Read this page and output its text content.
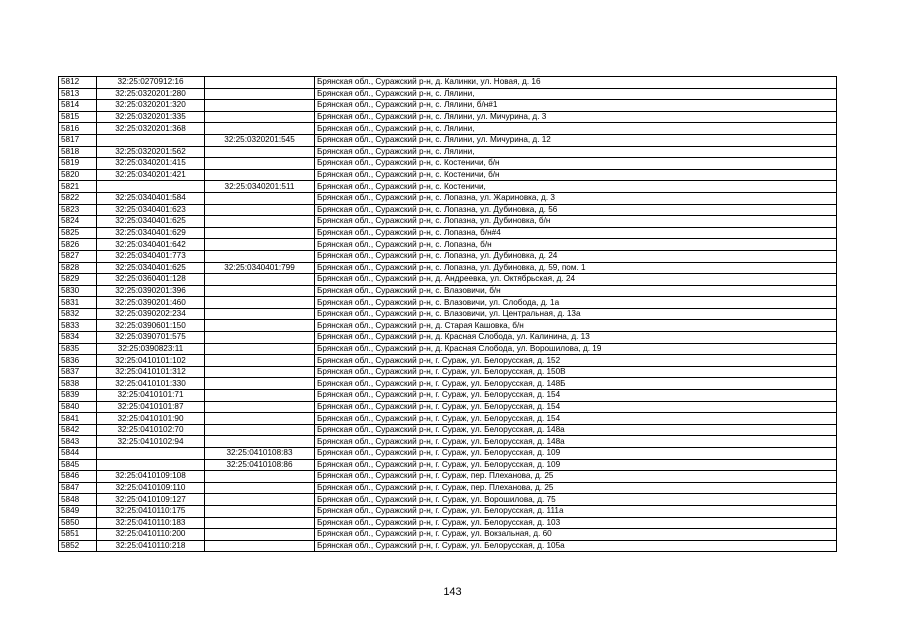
5812	32:25:0270912:16		Брянская обл., Суражский р-н, д. Калинки, ул. Новая, д. 16
5813	32:25:0320201:280		Брянская обл., Суражский р-н, с. Лялини,
5814	32:25:0320201:320		Брянская обл., Суражский р-н, с. Лялини, б/н#1
5815	32:25:0320201:335		Брянская обл., Суражский р-н, с. Лялини, ул. Мичурина, д. 3
5816	32:25:0320201:368		Брянская обл., Суражский р-н, с. Лялини,
5817		32:25:0320201:545	Брянская обл., Суражский р-н, с. Лялини, ул. Мичурина, д. 12
5818	32:25:0320201:562		Брянская обл., Суражский р-н, с. Лялини,
5819	32:25:0340201:415		Брянская обл., Суражский р-н, с. Костеничи, б/н
5820	32:25:0340201:421		Брянская обл., Суражский р-н, с. Костеничи, б/н
5821		32:25:0340201:511	Брянская обл., Суражский р-н, с. Костеничи,
5822	32:25:0340401:584		Брянская обл., Суражский р-н, с. Лопазна, ул. Жариновка, д. 3
5823	32:25:0340401:623		Брянская обл., Суражский р-н, с. Лопазна, ул. Дубиновка, д. 56
5824	32:25:0340401:625		Брянская обл., Суражский р-н, с. Лопазна, ул. Дубиновка, б/н
5825	32:25:0340401:629		Брянская обл., Суражский р-н, с. Лопазна, б/н#4
5826	32:25:0340401:642		Брянская обл., Суражский р-н, с. Лопазна, б/н
5827	32:25:0340401:773		Брянская обл., Суражский р-н, с. Лопазна, ул. Дубиновка, д. 24
5828	32:25:0340401:625	32:25:0340401:799	Брянская обл., Суражский р-н, с. Лопазна, ул. Дубиновка, д. 59, пом. 1
5829	32:25:0360401:128		Брянская обл., Суражский р-н, д. Андреевка, ул. Октябрьская, д. 24
5830	32:25:0390201:396		Брянская обл., Суражский р-н, с. Влазовичи, б/н
5831	32:25:0390201:460		Брянская обл., Суражский р-н, с. Влазовичи, ул. Слобода, д. 1а
5832	32:25:0390202:234		Брянская обл., Суражский р-н, с. Влазовичи, ул. Центральная, д. 13а
5833	32:25:0390601:150		Брянская обл., Суражский р-н, д. Старая Кашовка, б/н
5834	32:25:0390701:575		Брянская обл., Суражский р-н, д. Красная Слобода, ул. Калинина, д. 13
5835	32:25:0390823:11		Брянская обл., Суражский р-н, д. Красная Слобода, ул. Ворошилова, д. 19
5836	32:25:0410101:102		Брянская обл., Суражский р-н, г. Сураж, ул. Белорусская, д. 152
5837	32:25:0410101:312		Брянская обл., Суражский р-н, г. Сураж, ул. Белорусская, д. 150В
5838	32:25:0410101:330		Брянская обл., Суражский р-н, г. Сураж, ул. Белорусская, д. 148Б
5839	32:25:0410101:71		Брянская обл., Суражский р-н, г. Сураж, ул. Белорусская, д. 154
5840	32:25:0410101:87		Брянская обл., Суражский р-н, г. Сураж, ул. Белорусская, д. 154
5841	32:25:0410101:90		Брянская обл., Суражский р-н, г. Сураж, ул. Белорусская, д. 154
5842	32:25:0410102:70		Брянская обл., Суражский р-н, г. Сураж, ул. Белорусская, д. 148а
5843	32:25:0410102:94		Брянская обл., Суражский р-н, г. Сураж, ул. Белорусская, д. 148а
5844		32:25:0410108:83	Брянская обл., Суражский р-н, г. Сураж, ул. Белорусская, д. 109
5845		32:25:0410108:86	Брянская обл., Суражский р-н, г. Сураж, ул. Белорусская, д. 109
5846	32:25:0410109:108		Брянская обл., Суражский р-н, г. Сураж, пер. Плеханова, д. 25
5847	32:25:0410109:110		Брянская обл., Суражский р-н, г. Сураж, пер. Плеханова, д. 25
5848	32:25:0410109:127		Брянская обл., Суражский р-н, г. Сураж, ул. Ворошилова, д. 75
5849	32:25:0410110:175		Брянская обл., Суражский р-н, г. Сураж, ул. Белорусская, д. 111а
5850	32:25:0410110:183		Брянская обл., Суражский р-н, г. Сураж, ул. Белорусская, д. 103
5851	32:25:0410110:200		Брянская обл., Суражский р-н, г. Сураж, ул. Вокзальная, д. 60
5852	32:25:0410110:218		Брянская обл., Суражский р-н, г. Сураж, ул. Белорусская, д. 105а
143
